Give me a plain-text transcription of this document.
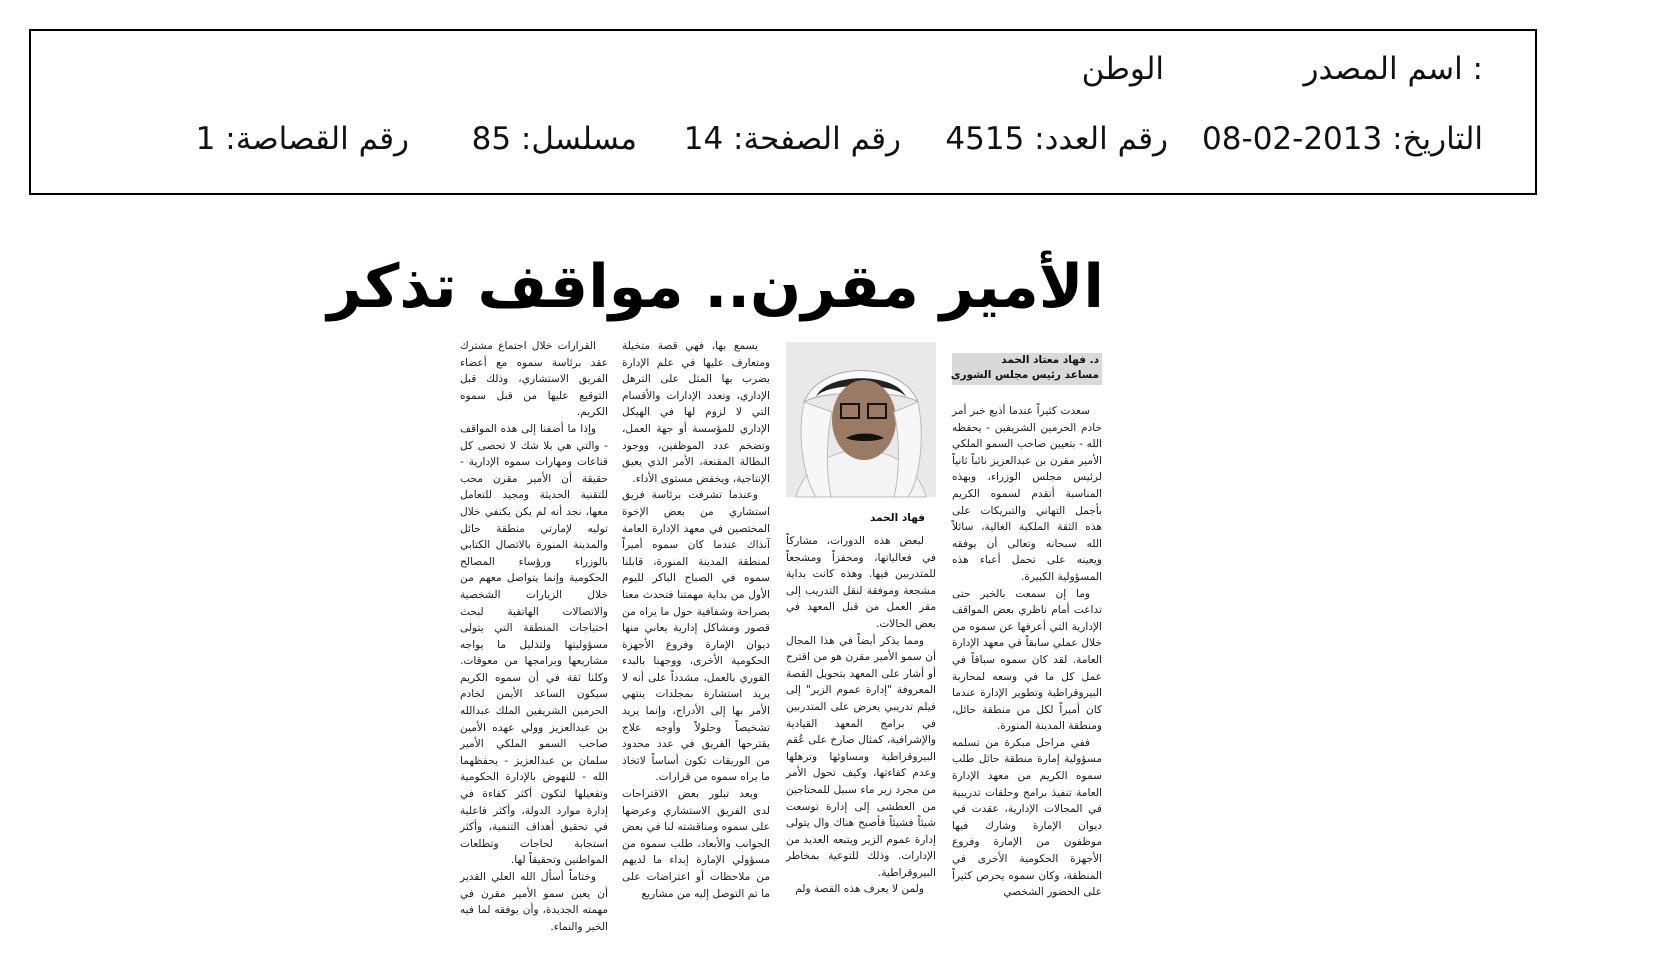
اسم المصدر :
الوطن
التاريخ: 2013-02-08
رقم العدد: 4515
رقم الصفحة: 14
مسلسل: 85
رقم القصاصة: 1
الأمير مقرن.. مواقف تذكر
د. فهاد معتاد الحمد
مساعد رئيس مجلس الشورى
فهاد الحمد

سعدت كثيراً عندما أذيع خبر أمر خادم الحرمين الشريفين - يحفظه الله - بتعيين صاحب السمو الملكي الأمير مقرن بن عبدالعزيز نائباً ثانياً لرئيس مجلس الوزراء، وبهذه المناسبة أتقدم لسموه الكريم بأجمل التهاني والتبريكات على هذه الثقة الملكية الغالية، سائلاً الله سبحانه وتعالى أن يوفقه ويعينه على تحمل أعباء هذه المسؤولية الكبيرة.

وما إن سمعت بالخبر حتى تداعت أمام ناظري بعض المواقف الإدارية التي أعرفها عن سموه من خلال عملي سابقاً في معهد الإدارة العامة. لقد كان سموه سباقاً في عمل كل ما في وسعه لمحاربة البيروقراطية وتطوير الإدارة عندما كان أميراً لكل من منطقة حائل، ومنطقة المدينة المنورة.

ففي مراحل مبكرة من تسلمه مسؤولية إمارة منطقة حائل طلب سموه الكريم من معهد الإدارة العامة تنفيذ برامج وحلقات تدريبية في المجالات الإدارية، عقدت في ديوان الإمارة وشارك فيها موظفون من الإمارة وفروع الأجهزة الحكومية الأخرى في المنطقة، وكان سموه يحرص كثيراً على الحضور الشخصي

لبعض هذه الدورات، مشاركاً في فعالياتها، ومحفزاً ومشجعاً للمتدربين فيها. وهذه كانت بداية مشجعة وموفقة لنقل التدريب إلى مقر العمل من قبل المعهد في بعض الحالات.

ومما يذكر أيضاً في هذا المجال أن سمو الأمير مقرن هو من اقترح أو أشار على المعهد بتحويل القصة المعروفة "إدارة عموم الزير" إلى فيلم تدريبي يعرض على المتدربين في برامج المعهد القيادية والإشرافية، كمثال صارخ على عُقم البيروقراطية ومساوئها وترهلها وعدم كفاءتها، وكيف تحول الأمر من مجرد زير ماء سبيل للمحتاجين من العطشى إلى إدارة توسعت شيئاً فشيئاً فأصبح هناك وال يتولى إدارة عموم الزير ويتبعه العديد من الإدارات. وذلك للتوعية بمخاطر البيروقراطية.

ولمن لا يعرف هذه القصة ولم

يسمع بها، فهي قصة متخيلة ومتعارف عليها في علم الإدارة يضرب بها المثل على الترهل الإداري، وتعدد الإدارات والأقسام التي لا لزوم لها في الهيكل الإداري للمؤسسة أو جهة العمل، وتضخم عدد الموظفين، ووجود البطالة المقنعة، الأمر الذي يعيق الإنتاجية، ويخفض مستوى الأداء.

وعندما تشرفت برئاسة فريق استشاري من بعض الإخوة المختصين في معهد الإدارة العامة آنذاك عندما كان سموه أميراً لمنطقة المدينة المنورة، قابلنا سموه في الصباح الباكر لليوم الأول من بداية مهمتنا فتحدث معنا بصراحة وشفافية حول ما يراه من قصور ومشاكل إدارية يعاني منها ديوان الإمارة وفروع الأجهزة الحكومية الأخرى، ووجهنا بالبدء الفوري بالعمل، مشدداً على أنه لا يريد استشارة بمجلدات ينتهي الأمر بها إلى الأدراج، وإنما يريد تشخيصاً وحلولاً وأوجه علاج يقترحها الفريق في عدد محدود من الوريقات تكون أساساً لاتخاذ ما يراه سموه من قرارات.

وبعد تبلور بعض الاقتراحات لدى الفريق الاستشاري وعرضها على سموه ومناقشته لنا في بعض الجوانب والأبعاد، طلب سموه من مسؤولي الإمارة إبداء ما لديهم من ملاحظات أو اعتراضات على ما تم التوصل إليه من مشاريع

القرارات خلال اجتماع مشترك عقد برئاسة سموه مع أعضاء الفريق الاستشاري، وذلك قبل التوقيع عليها من قبل سموه الكريم.

وإذا ما أضفنا إلى هذه المواقف - والتي هي بلا شك لا تحصى كل قناعات ومهارات سموه الإدارية - حقيقة أن الأمير مقرن محب للتقنية الحديثة ومجيد للتعامل معها، نجد أنه لم يكن يكتفي خلال توليه لإمارتي منطقة حائل والمدينة المنورة بالاتصال الكتابي بالوزراء ورؤساء المصالح الحكومية وإنما يتواصل معهم من خلال الزيارات الشخصية والاتصالات الهاتفية لبحث احتياجات المنطقة التي يتولى مسؤوليتها ولتذليل ما يواجه مشاريعها وبرامجها من معوقات. وكلنا ثقة في أن سموه الكريم سيكون الساعد الأيمن لخادم الحرمين الشريفين الملك عبدالله بن عبدالعزيز وولي عهده الأمين صاحب السمو الملكي الأمير سلمان بن عبدالعزيز - يحفظهما الله - للنهوض بالإدارة الحكومية وتفعيلها لتكون أكثر كفاءة في إدارة موارد الدولة، وأكثر فاعلية في تحقيق أهداف التنمية، وأكثر استجابة لحاجات وتطلعات المواطنين وتحقيقاً لها.

وختاماً أسأل الله العلي القدير أن يعين سمو الأمير مقرن في مهمته الجديدة، وأن يوفقه لما فيه الخير والنماء.
